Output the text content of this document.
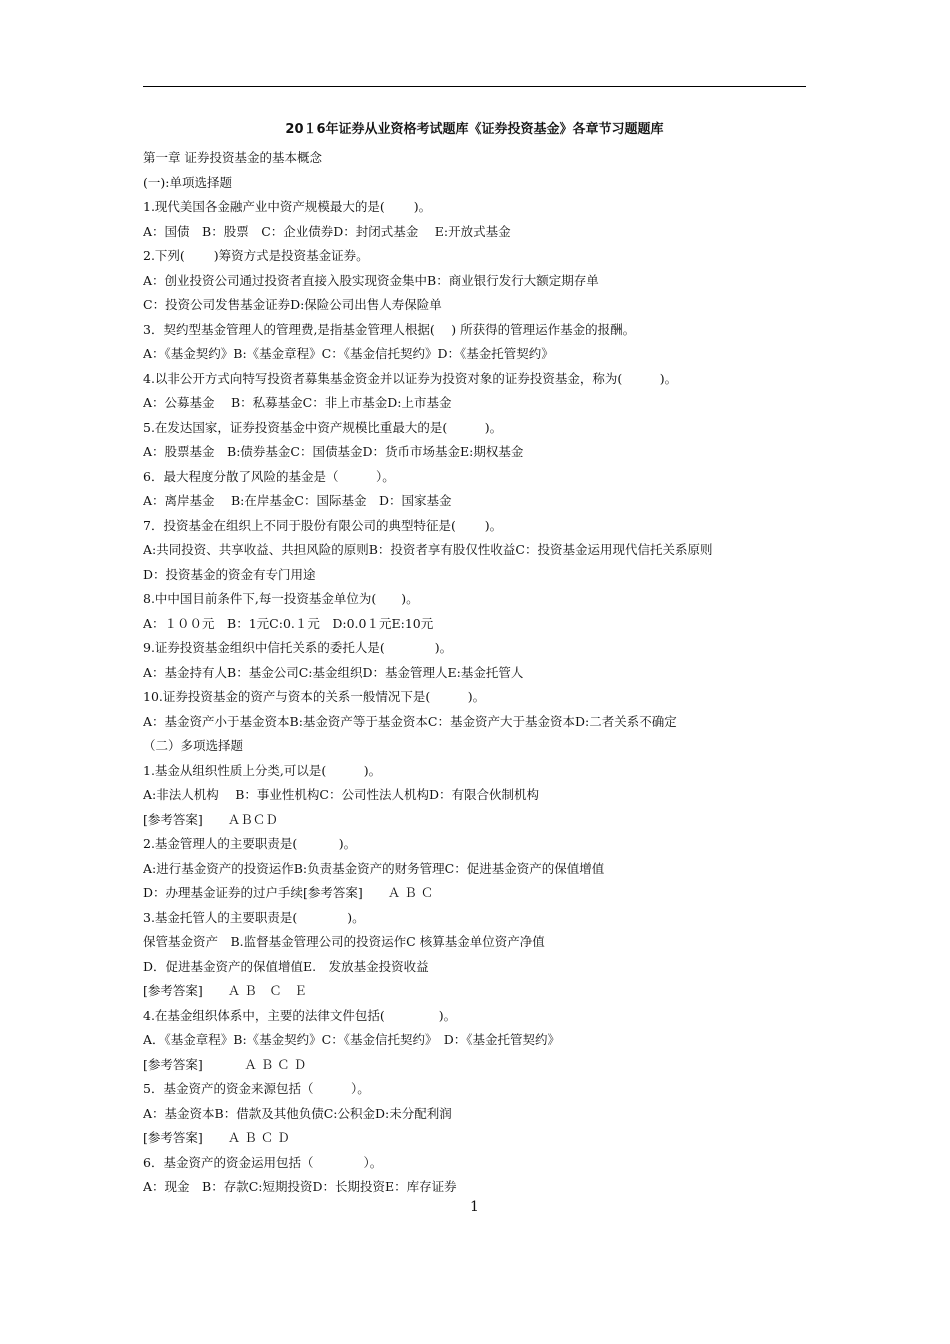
20１6年证券从业资格考试题库《证券投资基金》各章节习题题库
第一章 证券投资基金的基本概念
(一):单项选择题
1.现代美国各金融产业中资产规模最大的是(　　 )。
A：国债　B：股票　C：企业债券D：封闭式基金　 E:开放式基金
2.下列(　　 )筹资方式是投资基金证券。
A：创业投资公司通过投资者直接入股实现资金集中B：商业银行发行大额定期存单
C：投资公司发售基金证券D:保险公司出售人寿保险单
3．契约型基金管理人的管理费,是指基金管理人根据(　 ) 所获得的管理运作基金的报酬。
A：《基金契约》B:《基金章程》C：《基金信托契约》D：《基金托管契约》
4.以非公开方式向特写投资者募集基金资金并以证券为投资对象的证券投资基金，称为(　　　)。
A：公募基金　 B：私募基金C：非上市基金D:上市基金
5.在发达国家，证券投资基金中资产规模比重最大的是(　　　)。
A：股票基金　B:债券基金C：国债基金D：货币市场基金E:期权基金
6．最大程度分散了风险的基金是（　　　）。
A：离岸基金　 B:在岸基金C：国际基金　D：国家基金
7．投资基金在组织上不同于股份有限公司的典型特征是(　　 )。
A:共同投资、共享收益、共担风险的原则B：投资者享有股仅性收益C：投资基金运用现代信托关系原则
D：投资基金的资金有专门用途
8.中中国目前条件下,每一投资基金单位为(　　)。
A：１００元　B：1元C:0.１元　D:0.0１元E:10元
9.证券投资基金组织中信托关系的委托人是(　　　　)。
A：基金持有人B：基金公司C:基金组织D：基金管理人E:基金托管人
10.证券投资基金的资产与资本的关系一般情况下是(　　　)。
A：基金资产小于基金资本B:基金资产等于基金资本C：基金资产大于基金资本D:二者关系不确定
（二）多项选择题
1.基金从组织性质上分类,可以是(　　　)。
A:非法人机构　 B：事业性机构C：公司性法人机构D：有限合伙制机构
[参考答案]　　ＡＢＣＤ
2.基金管理人的主要职责是(　　　 )。
A:进行基金资产的投资运作B:负责基金资产的财务管理C：促进基金资产的保值增值
D：办理基金证券的过户手续[参考答案]　　Ａ Ｂ Ｃ
3.基金托管人的主要职责是(　　　　)。
保管基金资产　B.监督基金管理公司的投资运作C 核算基金单位资产净值
D．促进基金资产的保值增值E.　发放基金投资收益
[参考答案]　　Ａ Ｂ　Ｃ　Ｅ
4.在基金组织体系中，主要的法律文件包括(　　　　 )。
A．《基金章程》B:《基金契约》C：《基金信托契约》　D：《基金托管契约》
[参考答案]　　　 Ａ Ｂ Ｃ Ｄ
5．基金资产的资金来源包括（　　　）。
A：基金资本B：借款及其他负债C:公积金D:未分配利润
[参考答案]　　Ａ Ｂ Ｃ Ｄ
6．基金资产的资金运用包括（　　　　）。
A：现金　B：存款C:短期投资D：长期投资E：库存证券
1
